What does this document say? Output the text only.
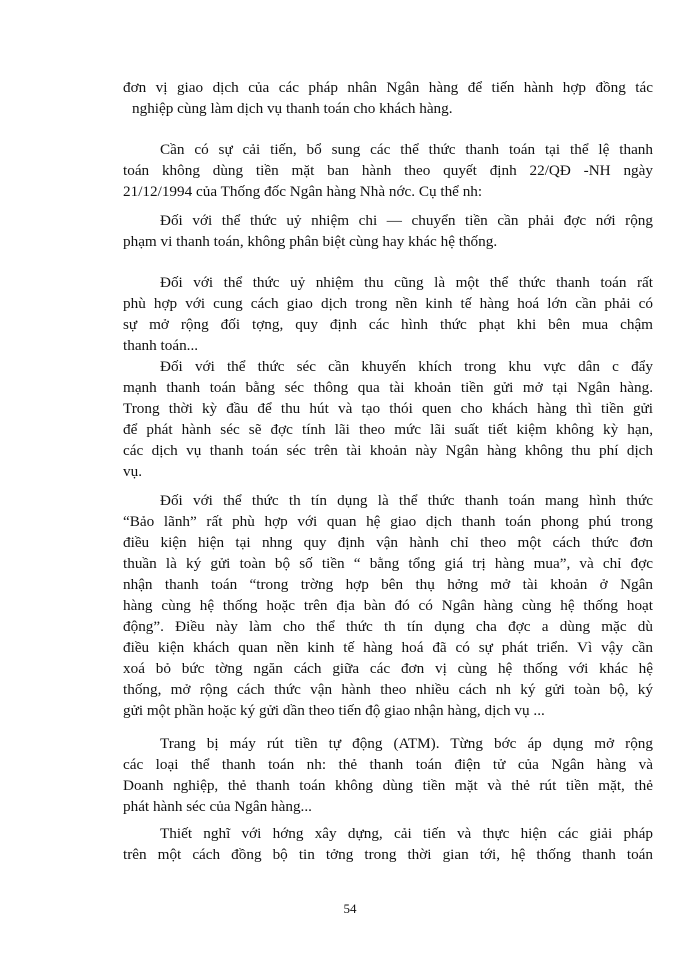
đơn vị giao dịch của các pháp nhân Ngân hàng để tiến hành hợp đồng tác
nghiệp cùng làm dịch vụ thanh toán cho khách hàng.
Cần có sự cải tiến, bổ sung các thể thức thanh toán tại thể lệ thanh
toán không dùng tiền mặt ban hành theo quyết định 22/QĐ -NH ngày
21/12/1994 của Thống đốc Ngân hàng Nhà nớc. Cụ thể nh:
Đối với thể thức uỷ nhiệm chi — chuyển tiền cần phải đợc nới rộng
phạm vi thanh toán, không phân biệt cùng hay khác hệ thống.
Đối với thể thức uỷ nhiệm thu cũng là một thể thức thanh toán rất
phù hợp với cung cách giao dịch trong nền kinh tế hàng hoá lớn cần phải có
sự mở rộng đối tợng, quy định các hình thức phạt khi bên mua chậm
thanh toán...
Đối với thể thức séc cần khuyến khích trong khu vực dân c đẩy
mạnh thanh toán bằng séc thông qua tài khoản tiền gửi mở tại Ngân hàng.
Trong thời kỳ đầu để thu hút và tạo thói quen cho khách hàng thì tiền gửi
để phát hành séc sẽ đợc tính lãi theo mức lãi suất tiết kiệm không kỳ hạn,
các dịch vụ thanh toán séc trên tài khoản này Ngân hàng không thu phí dịch
vụ.
Đối với thể thức th tín dụng là thể thức thanh toán mang hình thức
“Bảo lãnh” rất phù hợp với quan hệ giao dịch thanh toán phong phú trong
điều kiện hiện tại nhng quy định vận hành chỉ theo một cách thức đơn
thuần là ký gửi toàn bộ số tiền “ bằng tổng giá trị hàng mua”, và chỉ đợc
nhận thanh toán “trong trờng hợp bên thụ hởng mở tài khoản ở Ngân
hàng cùng hệ thống hoặc trên địa bàn đó có Ngân hàng cùng hệ thống hoạt
động”. Điều này làm cho thể thức th tín dụng cha đợc a dùng mặc dù
điều kiện khách quan nền kinh tế hàng hoá đã có sự phát triển. Vì vậy cần
xoá bỏ bức tờng ngăn cách giữa các đơn vị cùng hệ thống với khác hệ
thống, mở rộng cách thức vận hành theo nhiều cách nh ký gửi toàn bộ, ký
gửi một phần hoặc ký gửi dần theo tiến độ giao nhận hàng, dịch vụ ...
Trang bị máy rút tiền tự động (ATM). Từng bớc áp dụng mở rộng
các loại thể thanh toán nh: thẻ thanh toán điện tử của Ngân hàng và
Doanh nghiệp, thẻ thanh toán không dùng tiền mặt và thẻ rút tiền mặt, thẻ
phát hành séc của Ngân hàng...
Thiết nghĩ với hớng xây dựng, cải tiến và thực hiện các giải pháp
trên một cách đồng bộ tin tởng trong thời gian tới, hệ thống thanh toán
54
